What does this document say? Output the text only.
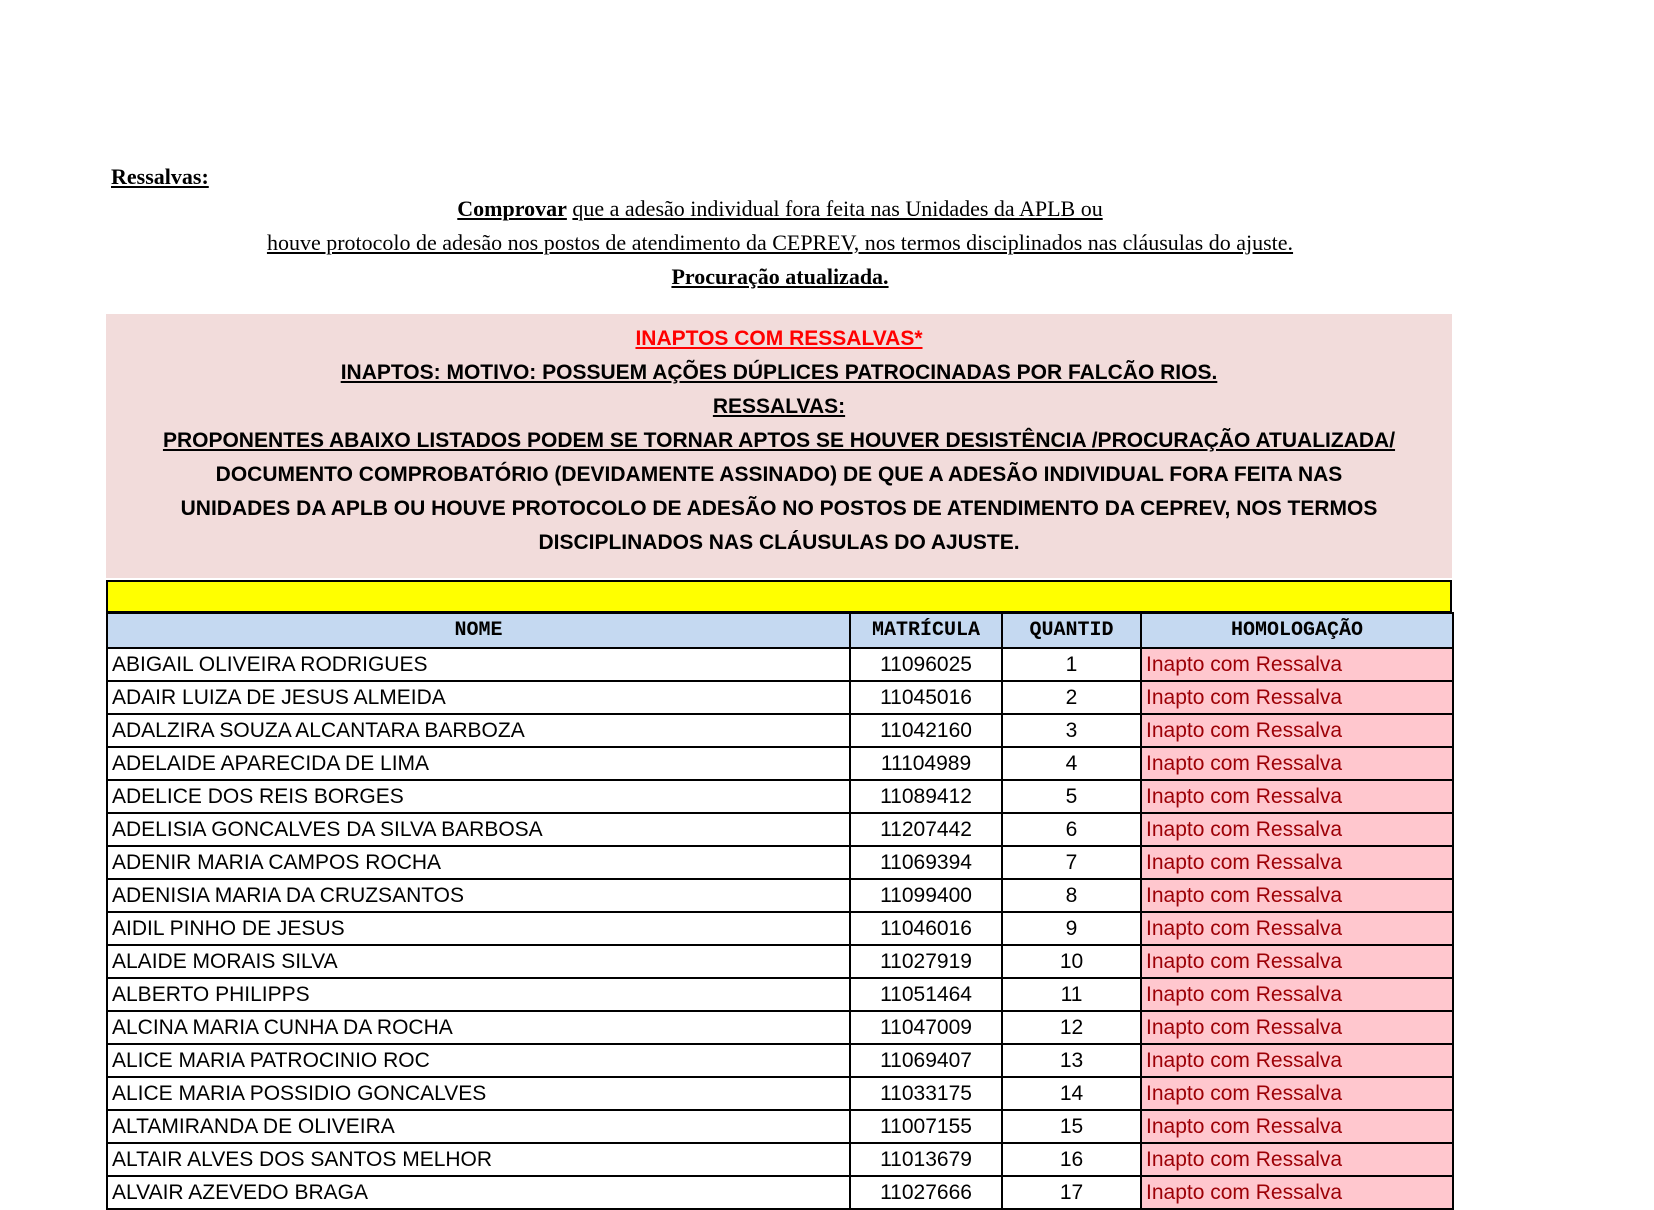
Ressalvas:

Comprovar que a adesão individual fora feita nas Unidades da APLB ou

houve protocolo de adesão nos postos de atendimento da CEPREV, nos termos disciplinados nas cláusulas do ajuste.

Procuração atualizada.

INAPTOS COM RESSALVAS*
INAPTOS: MOTIVO: POSSUEM AÇÕES DÚPLICES PATROCINADAS POR FALCÃO RIOS.
RESSALVAS:
PROPONENTES ABAIXO LISTADOS PODEM SE TORNAR APTOS SE HOUVER DESISTÊNCIA /PROCURAÇÃO ATUALIZADA/
DOCUMENTO COMPROBATÓRIO (DEVIDAMENTE ASSINADO) DE QUE A ADESÃO INDIVIDUAL FORA FEITA NAS
UNIDADES DA APLB OU HOUVE PROTOCOLO DE ADESÃO NO POSTOS DE ATENDIMENTO DA CEPREV, NOS TERMOS
DISCIPLINADOS NAS CLÁUSULAS DO AJUSTE.
NOME	MATRÍCULA	QUANTID	HOMOLOGAÇÃO
ABIGAIL OLIVEIRA RODRIGUES	11096025	1	Inapto com Ressalva
ADAIR LUIZA DE JESUS ALMEIDA	11045016	2	Inapto com Ressalva
ADALZIRA SOUZA ALCANTARA BARBOZA	11042160	3	Inapto com Ressalva
ADELAIDE APARECIDA DE LIMA	11104989	4	Inapto com Ressalva
ADELICE DOS REIS BORGES	11089412	5	Inapto com Ressalva
ADELISIA GONCALVES DA SILVA BARBOSA	11207442	6	Inapto com Ressalva
ADENIR MARIA CAMPOS ROCHA	11069394	7	Inapto com Ressalva
ADENISIA MARIA DA CRUZSANTOS	11099400	8	Inapto com Ressalva
AIDIL PINHO DE JESUS	11046016	9	Inapto com Ressalva
ALAIDE MORAIS SILVA	11027919	10	Inapto com Ressalva
ALBERTO PHILIPPS	11051464	11	Inapto com Ressalva
ALCINA MARIA CUNHA DA ROCHA	11047009	12	Inapto com Ressalva
ALICE MARIA PATROCINIO ROC	11069407	13	Inapto com Ressalva
ALICE MARIA POSSIDIO GONCALVES	11033175	14	Inapto com Ressalva
ALTAMIRANDA DE OLIVEIRA	11007155	15	Inapto com Ressalva
ALTAIR ALVES DOS SANTOS MELHOR	11013679	16	Inapto com Ressalva
ALVAIR AZEVEDO BRAGA	11027666	17	Inapto com Ressalva
